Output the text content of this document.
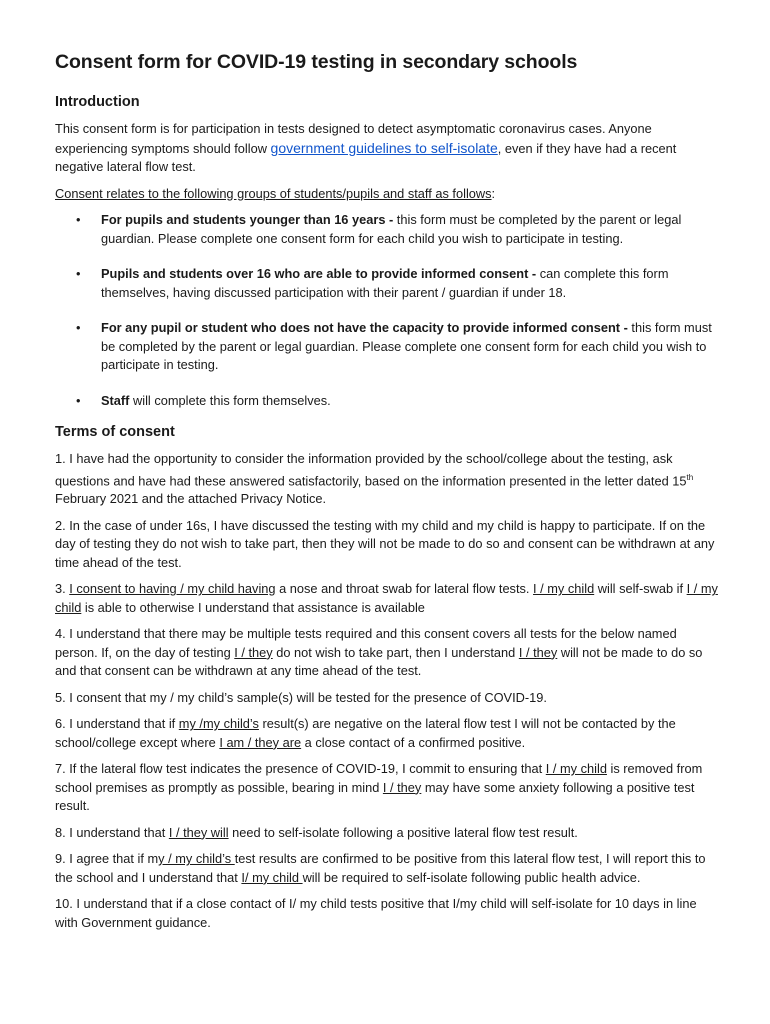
Consent form for COVID-19 testing in secondary schools
Introduction

This consent form is for participation in tests designed to detect asymptomatic coronavirus cases. Anyone experiencing symptoms should follow government guidelines to self-isolate, even if they have had a recent negative lateral flow test.

Consent relates to the following groups of students/pupils and staff as follows:

• For pupils and students younger than 16 years - this form must be completed by the parent or legal guardian. Please complete one consent form for each child you wish to participate in testing.
• Pupils and students over 16 who are able to provide informed consent - can complete this form themselves, having discussed participation with their parent / guardian if under 18.
• For any pupil or student who does not have the capacity to provide informed consent - this form must be completed by the parent or legal guardian. Please complete one consent form for each child you wish to participate in testing.
• Staff will complete this form themselves.
Terms of consent

1. I have had the opportunity to consider the information provided by the school/college about the testing, ask questions and have had these answered satisfactorily, based on the information presented in the letter dated 15th February 2021 and the attached Privacy Notice.

2. In the case of under 16s, I have discussed the testing with my child and my child is happy to participate. If on the day of testing they do not wish to take part, then they will not be made to do so and consent can be withdrawn at any time ahead of the test.

3. I consent to having / my child having a nose and throat swab for lateral flow tests. I / my child will self-swab if I / my child is able to otherwise I understand that assistance is available

4. I understand that there may be multiple tests required and this consent covers all tests for the below named person. If, on the day of testing I / they do not wish to take part, then I understand I / they will not be made to do so and that consent can be withdrawn at any time ahead of the test.

5. I consent that my / my child’s sample(s) will be tested for the presence of COVID-19.

6. I understand that if my /my child’s result(s) are negative on the lateral flow test I will not be contacted by the school/college except where I am / they are a close contact of a confirmed positive.

7. If the lateral flow test indicates the presence of COVID-19, I commit to ensuring that I / my child is removed from school premises as promptly as possible, bearing in mind I / they may have some anxiety following a positive test result.

8. I understand that I / they will need to self-isolate following a positive lateral flow test result.

9. I agree that if my / my child’s test results are confirmed to be positive from this lateral flow test, I will report this to the school and I understand that I/ my child will be required to self-isolate following public health advice.

10. I understand that if a close contact of I/ my child tests positive that I/my child will self-isolate for 10 days in line with Government guidance.
